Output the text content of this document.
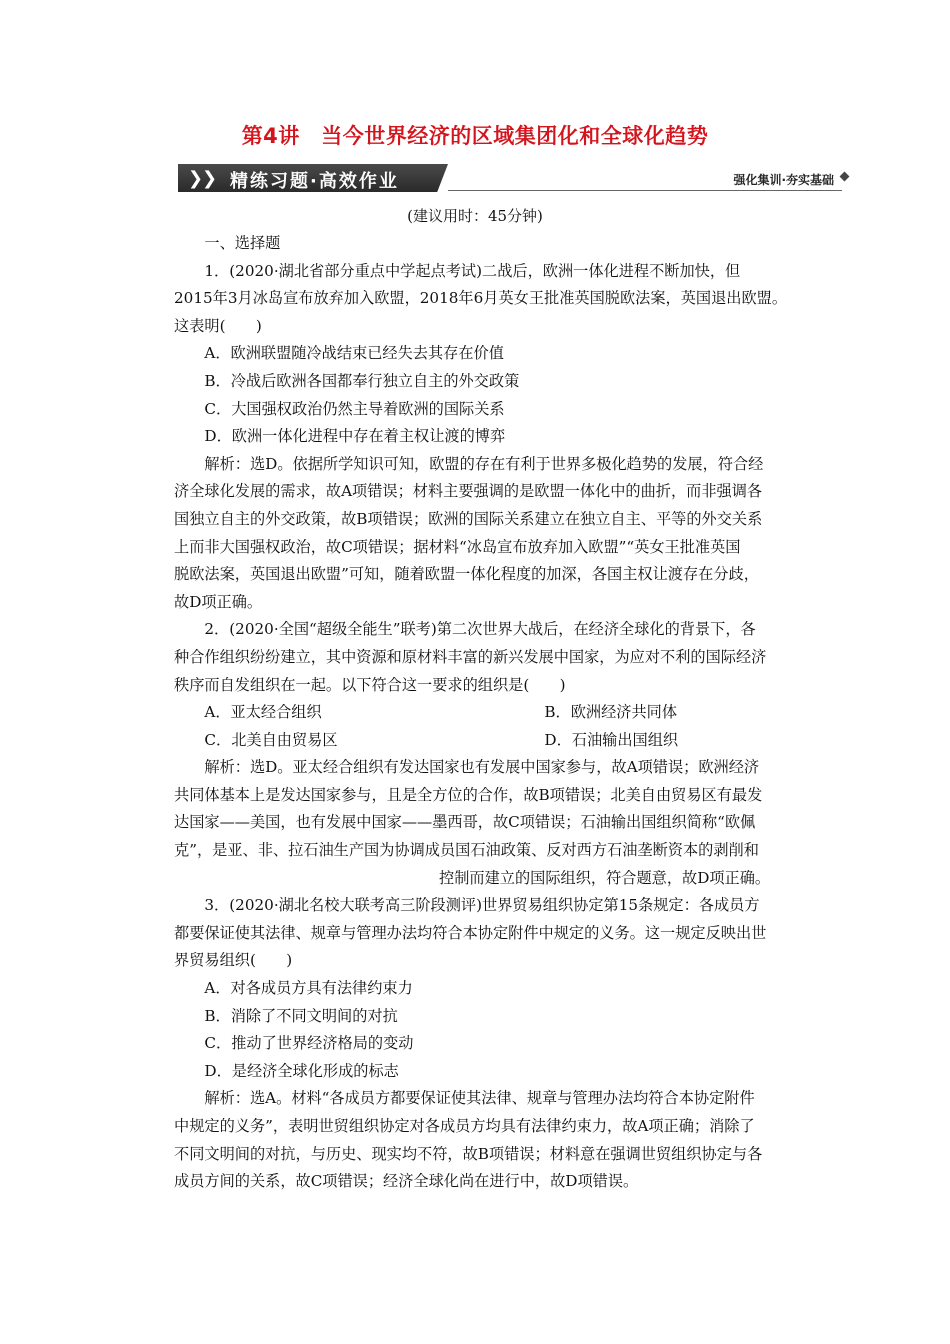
第4讲　当今世界经济的区域集团化和全球化趋势
❯
❯ 精练习题·高效作业	强化集训·夯实基础
(建议用时：45分钟)

一、选择题

1．(2020·湖北省部分重点中学起点考试)二战后，欧洲一体化进程不断加快，但

2015年3月冰岛宣布放弃加入欧盟，2018年6月英女王批准英国脱欧法案，英国退出欧盟。

这表明(　　)

A．欧洲联盟随冷战结束已经失去其存在价值

B．冷战后欧洲各国都奉行独立自主的外交政策

C．大国强权政治仍然主导着欧洲的国际关系

D．欧洲一体化进程中存在着主权让渡的博弈

解析：选D。依据所学知识可知，欧盟的存在有利于世界多极化趋势的发展，符合经

济全球化发展的需求，故A项错误；材料主要强调的是欧盟一体化中的曲折，而非强调各

国独立自主的外交政策，故B项错误；欧洲的国际关系建立在独立自主、平等的外交关系

上而非大国强权政治，故C项错误；据材料“冰岛宣布放弃加入欧盟”“英女王批准英国

脱欧法案，英国退出欧盟”可知，随着欧盟一体化程度的加深，各国主权让渡存在分歧，

故D项正确。

2．(2020·全国“超级全能生”联考)第二次世界大战后，在经济全球化的背景下，各

种合作组织纷纷建立，其中资源和原材料丰富的新兴发展中国家，为应对不利的国际经济

秩序而自发组织在一起。以下符合这一要求的组织是(　　)

A．亚太经合组织	B．欧洲经济共同体
C．北美自由贸易区	D．石油输出国组织

解析：选D。亚太经合组织有发达国家也有发展中国家参与，故A项错误；欧洲经济

共同体基本上是发达国家参与，且是全方位的合作，故B项错误；北美自由贸易区有最发

达国家——美国，也有发展中国家——墨西哥，故C项错误；石油输出国组织简称“欧佩

克”，是亚、非、拉石油生产国为协调成员国石油政策、反对西方石油垄断资本的剥削和

控制而建立的国际组织，符合题意，故D项正确。

3．(2020·湖北名校大联考高三阶段测评)世界贸易组织协定第15条规定：各成员方

都要保证使其法律、规章与管理办法均符合本协定附件中规定的义务。这一规定反映出世

界贸易组织(　　)

A．对各成员方具有法律约束力

B．消除了不同文明间的对抗

C．推动了世界经济格局的变动

D．是经济全球化形成的标志

解析：选A。材料“各成员方都要保证使其法律、规章与管理办法均符合本协定附件

中规定的义务”，表明世贸组织协定对各成员方均具有法律约束力，故A项正确；消除了

不同文明间的对抗，与历史、现实均不符，故B项错误；材料意在强调世贸组织协定与各

成员方间的关系，故C项错误；经济全球化尚在进行中，故D项错误。
